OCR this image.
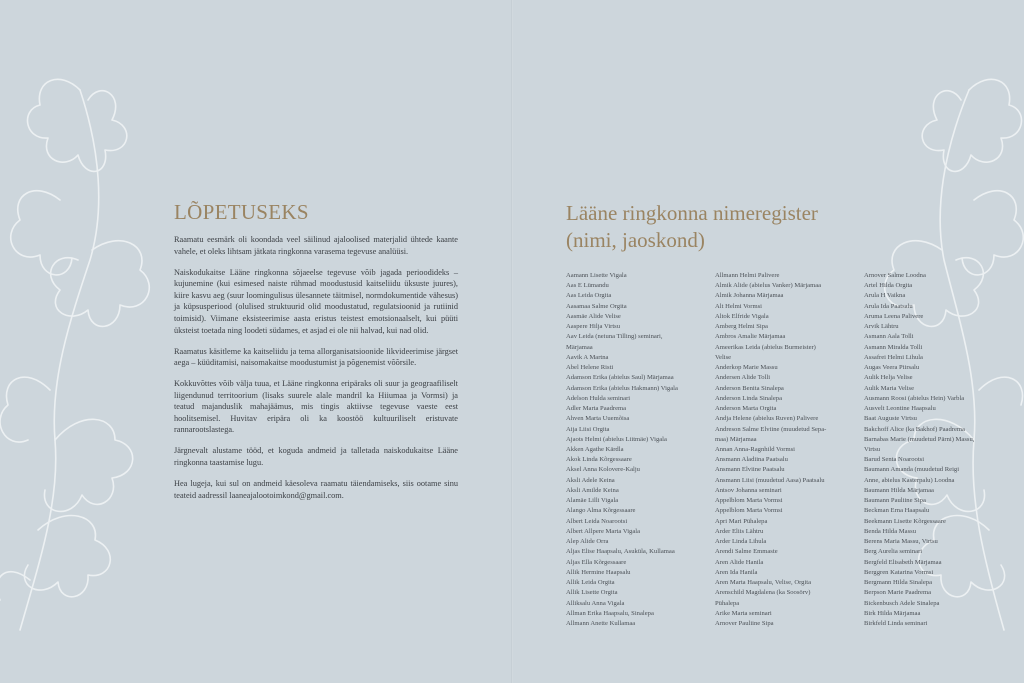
LÕPETUSEKS

Raamatu eesmärk oli koondada veel säilinud ajaloolised materjalid ühtede kaante vahele, et oleks lihtsam jätkata ringkonna varasema tegevuse analüüsi.

Naiskodukaitse Lääne ringkonna sõjaeelse tegevuse võib jagada perioodideks – kujunemine (kui esimesed naiste rühmad moodustusid kaitseliidu üksuste juures), kiire kasvu aeg (suur loomingulisus ülesannete täitmisel, normdokumentide vähesus) ja küpsusperiood (olulised struktuurid olid moodustatud, regulatsioonid ja rutiinid toimisid). Viimane eksisteerimise aasta eristus teistest emotsionaalselt, kui püüti üksteist toetada ning loodeti südames, et asjad ei ole nii halvad, kui nad olid.

Raamatus käsitleme ka kaitseliidu ja tema allorganisatsioonide likvideerimise järgset aega – küüditamisi, naisomakaitse moodustumist ja põgenemist võõrsile.

Kokkuvõttes võib välja tuua, et Lääne ringkonna eripäraks oli suur ja geograafiliselt liigendunud territoorium (lisaks suurele alale mandril ka Hiiumaa ja Vormsi) ja teatud majanduslik mahajäämus, mis tingis aktiivse tegevuse vaeste eest hoolitsemisel. Huvitav eripära oli ka koostöö kultuuriliselt eristuvate rannarootslastega.

Järgnevalt alustame tööd, et koguda andmeid ja talletada naiskodukaitse Lääne ringkonna taastamise lugu.

Hea lugeja, kui sul on andmeid käesoleva raamatu täiendamiseks, siis ootame sinu teateid aadressil laaneajalootoimkond@gmail.com.

Lääne ringkonna nimeregister
(nimi, jaoskond)
Aamann Lisette Vigala
Aas E Lümandu
Aas Leida Orgita
Aasamaa Salme Orgita
Aasmäe Alide Velise
Aaspere Hilja Virtsu
Aav Leida (neiuna Tilling) seminari,
Märjamaa
Aavik A Martna
Abel Helene Risti
Adamson Erika (abielus Saul) Märjamaa
Adamson Erika (abielus Hakmann) Vigala
Adelson Hulda seminari
Adler Marta Paadrema
Ahven Marta Uuemõisa
Aija Liisi Orgita
Ajaots Helmi (abielus Liitmäe) Vigala
Akken Agathe Kärdla
Akok Linda Kõrgessaare
Aksel Anna Kolovere-Kalju
Aksli Adele Keina
Aksli Amilde Keina
Alamäe Lilli Vigala
Alango Alma Kõrgessaare
Albert Leida Noarootsi
Albert Allpere Marta Vigala
Alep Alide Orra
Aljas Elise Haapsalu, Asukülа, Kullamaa
Aljas Ella Kõrgessaare
Allik Herminе Haapsalu
Allik Leida Orgita
Allik Lisette Orgita
Alliksalu Anna Vigala
Allman Erika Haapsalu, Sinalepa
Allmann Anette Kullamaa
Allmann Helmi Palivere
Almik Alide (abielus Vanker) Märjamaa
Almik Johanna Märjamaa
Alt Helmi Vormsi
Altok Elfride Vigala
Amberg Helmi Sipa
Ambros Amalie Märjamaa
Ameerikas Leida (abielus Burmeister)
Velise
Anderkop Marie Massu
Andersen Alide Tolli
Anderson Benita Sinalepa
Anderson Linda Sinalepa
Anderson Marta Orgita
Andja Helene (abielus Ruven) Palivere
Andreson Salme Elviine (muudetud Sepa-
maa) Märjamaa
Annan Anna-Ragnhild Vormsi
Ansmann Aladiina Paatsalu
Ansmann Elviine Paatsalu
Ansmann Liisi (muudetud Aasa) Paatsalu
Antsov Johanna seminari
Appelblom Marta Vormsi
Appelblom Marta Vormsi
Apri Mari Pühalepa
Arder Eliis Lähtru
Arder Linda Lihula
Arendi Salme Emmaste
Aren Alide Hanila
Aren Ida Hanila
Aren Marta Haapsalu, Velise, Orgita
Arenschild Magdalena (ka Soosörv)
Pühalepa
Arike Marta seminari
Arnover Pauliine Sipa
Arnover Salme Loodna
Artel Hilda Orgita
Arula H Vaikna
Arula Ida Paatsalu
Aruma Leena Palivere
Arvik Lähtru
Asmann Aala Tolli
Asmann Miralda Tolli
Assafrei Helmi Lihula
Augas Veera Piirsalu
Aulik Helja Velise
Aulik Maria Velise
Ausmann Roosi (abielus Hein) Varbla
Ausvelt Leontine Haapsalu
Baat Auguste Virtsu
Bakchoff Alice (ka Bakhof) Paadrema
Barnabas Marie (muudetud Pärni) Massu,
Virtsu
Barud Senta Noarootsi
Baumann Amanda (muudetud Reigi
Anne, abielus Kasterpalu) Loodna
Baumann Hilda Märjamaa
Baumann Pauliine Sipa
Beckman Erna Haapsalu
Beekmann Lisette Kõrgessaare
Benda Hilda Massu
Berens Maria Massu, Virtsu
Berg Aurelia seminari
Bergfeld Elisabeth Märjamaa
Berggren Katarina Vormsi
Bergmann Hilda Sinalepa
Berpson Marie Paadrema
Bickenbusch Adele Sinalepa
Birk Hilda Märjamaa
Birkfeld Linda seminari
